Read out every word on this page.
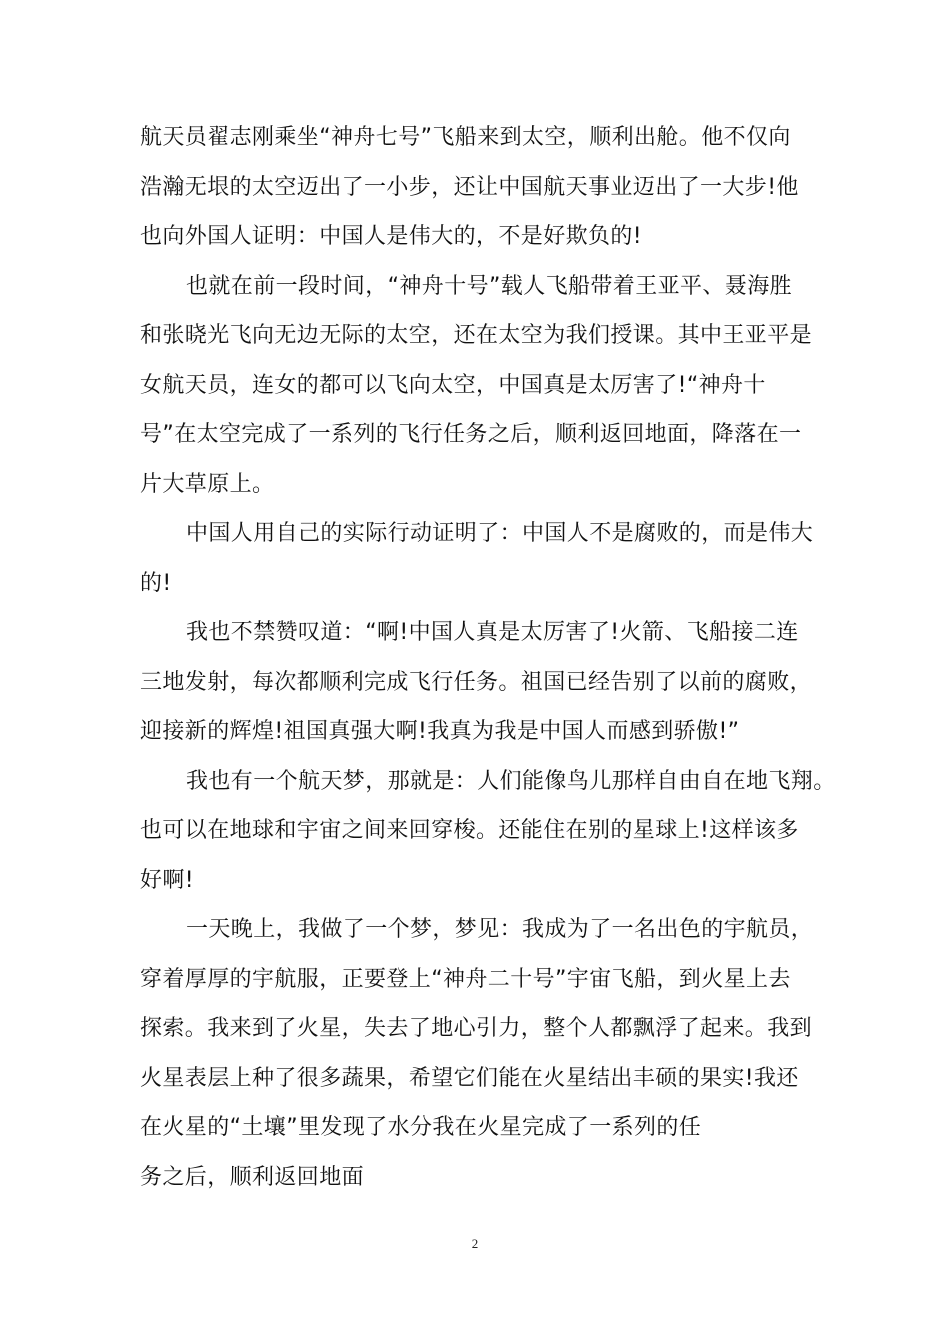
航天员翟志刚乘坐“神舟七号”飞船来到太空，顺利出舱。他不仅向
浩瀚无垠的太空迈出了一小步，还让中国航天事业迈出了一大步!他
也向外国人证明：中国人是伟大的，不是好欺负的!
也就在前一段时间，“神舟十号”载人飞船带着王亚平、聂海胜
和张晓光飞向无边无际的太空，还在太空为我们授课。其中王亚平是
女航天员，连女的都可以飞向太空，中国真是太厉害了!“神舟十
号”在太空完成了一系列的飞行任务之后，顺利返回地面，降落在一
片大草原上。
中国人用自己的实际行动证明了：中国人不是腐败的，而是伟大
的!
我也不禁赞叹道：“啊!中国人真是太厉害了!火箭、飞船接二连
三地发射，每次都顺利完成飞行任务。祖国已经告别了以前的腐败，
迎接新的辉煌!祖国真强大啊!我真为我是中国人而感到骄傲!”
我也有一个航天梦，那就是：人们能像鸟儿那样自由自在地飞翔。
也可以在地球和宇宙之间来回穿梭。还能住在别的星球上!这样该多
好啊!
一天晚上，我做了一个梦，梦见：我成为了一名出色的宇航员，
穿着厚厚的宇航服，正要登上“神舟二十号”宇宙飞船，到火星上去
探索。我来到了火星，失去了地心引力，整个人都飘浮了起来。我到
火星表层上种了很多蔬果，希望它们能在火星结出丰硕的果实!我还
在火星的“土壤”里发现了水分我在火星完成了一系列的任
务之后，顺利返回地面
2
